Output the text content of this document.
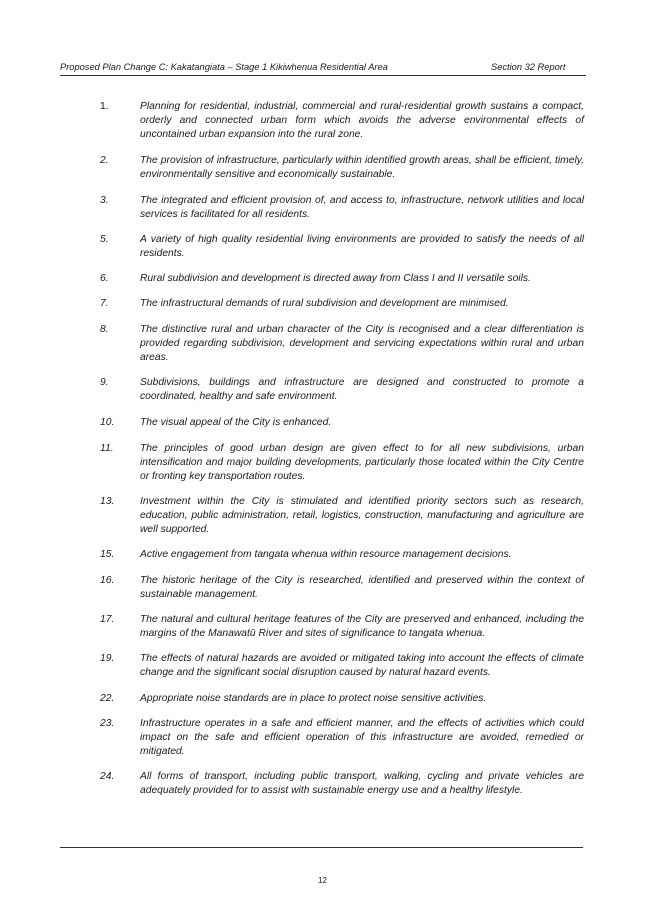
Proposed Plan Change C: Kakatangiata – Stage 1 Kikiwhenua Residential Area	Section 32 Report
1.	Planning for residential, industrial, commercial and rural-residential growth sustains a compact, orderly and connected urban form which avoids the adverse environmental effects of uncontained urban expansion into the rural zone.
2.	The provision of infrastructure, particularly within identified growth areas, shall be efficient, timely, environmentally sensitive and economically sustainable.
3.	The integrated and efficient provision of, and access to, infrastructure, network utilities and local services is facilitated for all residents.
5.	A variety of high quality residential living environments are provided to satisfy the needs of all residents.
6.	Rural subdivision and development is directed away from Class I and II versatile soils.
7.	The infrastructural demands of rural subdivision and development are minimised.
8.	The distinctive rural and urban character of the City is recognised and a clear differentiation is provided regarding subdivision, development and servicing expectations within rural and urban areas.
9.	Subdivisions, buildings and infrastructure are designed and constructed to promote a coordinated, healthy and safe environment.
10. The visual appeal of the City is enhanced.
11.	The principles of good urban design are given effect to for all new subdivisions, urban intensification and major building developments, particularly those located within the City Centre or fronting key transportation routes.
13. Investment within the City is stimulated and identified priority sectors such as research, education, public administration, retail, logistics, construction, manufacturing and agriculture are well supported.
15. Active engagement from tangata whenua within resource management decisions.
16. The historic heritage of the City is researched, identified and preserved within the context of sustainable management.
17. The natural and cultural heritage features of the City are preserved and enhanced, including the margins of the Manawatū River and sites of significance to tangata whenua.
19. The effects of natural hazards are avoided or mitigated taking into account the effects of climate change and the significant social disruption caused by natural hazard events.
22. Appropriate noise standards are in place to protect noise sensitive activities.
23. Infrastructure operates in a safe and efficient manner, and the effects of activities which could impact on the safe and efficient operation of this infrastructure are avoided, remedied or mitigated.
24. All forms of transport, including public transport, walking, cycling and private vehicles are adequately provided for to assist with sustainable energy use and a healthy lifestyle.
12
